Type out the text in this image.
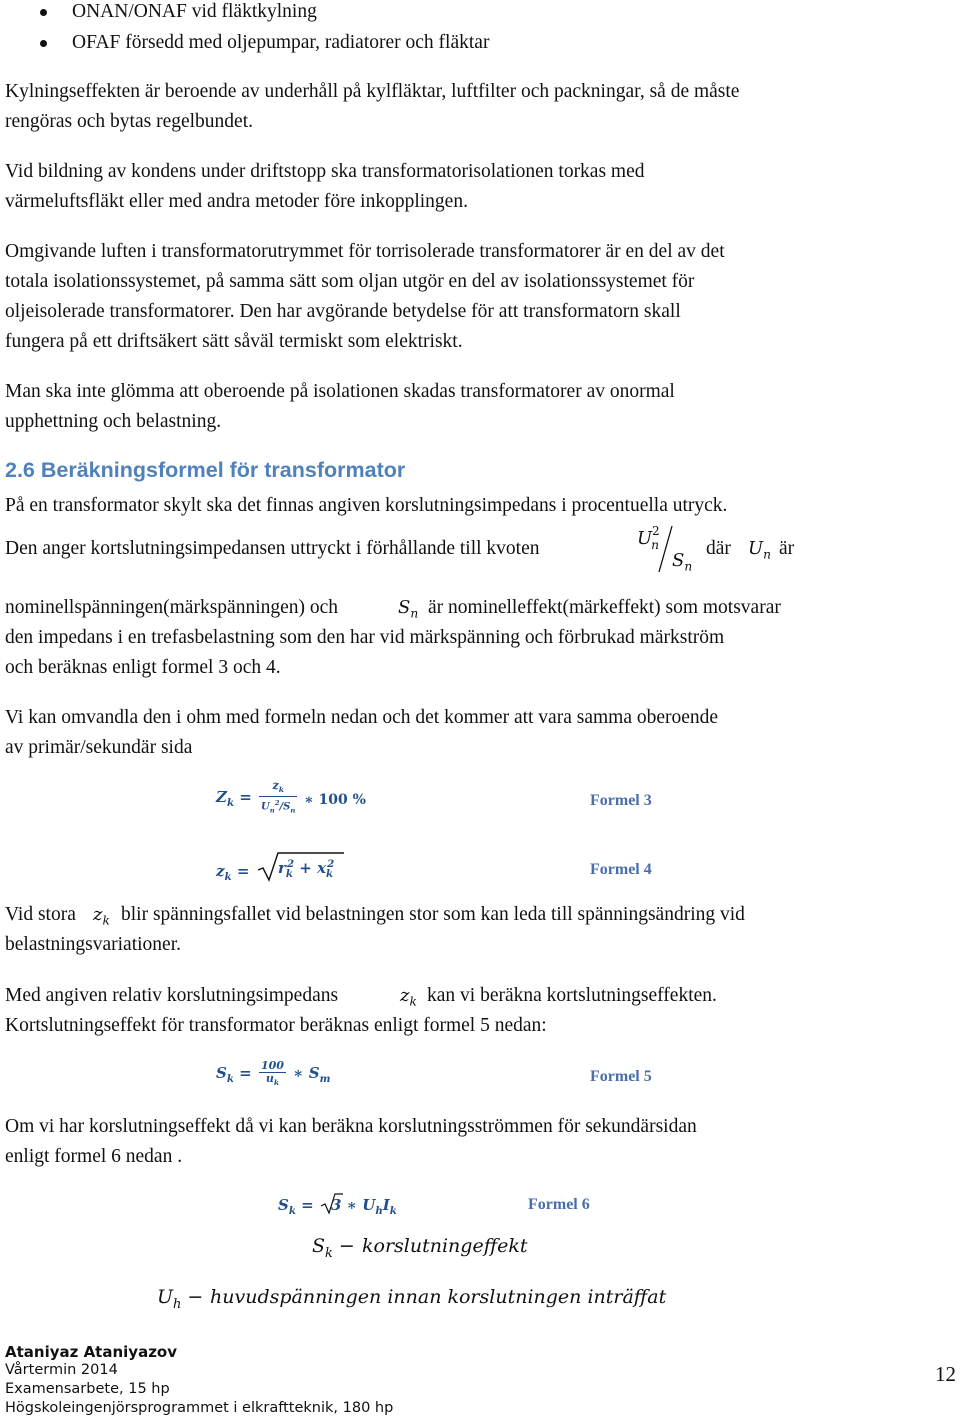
ONAN/ONAF vid fläktkylning
OFAF försedd med oljepumpar, radiatorer och fläktar
Kylningseffekten är beroende av underhåll på kylfläktar, luftfilter och packningar, så de måste
rengöras och bytas regelbundet.
Vid bildning av kondens under driftstopp ska transformatorisolationen torkas med
värmeluftsfläkt eller med andra metoder före inkopplingen.
Omgivande luften i transformatorutrymmet för torrisolerade transformatorer är en del av det
totala isolationssystemet, på samma sätt som oljan utgör en del av isolationssystemet för
oljeisolerade transformatorer. Den har avgörande betydelse för att transformatorn skall
fungera på ett driftsäkert sätt såväl termiskt som elektriskt.
Man ska inte glömma att oberoende på isolationen skadas transformatorer av onormal
upphettning och belastning.
2.6 Beräkningsformel för transformator
På en transformator skylt ska det finnas angiven korslutningsimpedans i procentuella utryck.
Den anger kortslutningsimpedansen uttryckt i förhållande till kvoten	$U_n$
2
$S_n$
där $U_n$ är
nominellspänningen(märkspänningen) och	$S_n$ är nominelleffekt(märkeffekt) som motsvarar
den impedans i en trefasbelastning som den har vid märkspänning och förbrukad märkström
och beräknas enligt formel 3 och 4.
Vi kan omvandla den i ohm med formeln nedan och det kommer att vara samma oberoende
av primär/sekundär sida
$Z_k = \frac{z_k}{U_n^2/S_n}$ ∗ 100 %	Formel 3
$z_k = r_k^2 + x_k^2$	Formel 4
Vid stora $z_k$ blir spänningsfallet vid belastningen stor som kan leda till spänningsändring vid
belastningsvariationer.
Med angiven relativ korslutningsimpedans	$z_k$ kan vi beräkna kortslutningseffekten.
Kortslutningseffekt för transformator beräknas enligt formel 5 nedan:
$S_k = \frac{100}{u_k}$ ∗ $S_m$	Formel 5
Om vi har korslutningseffekt då vi kan beräkna korslutningsströmmen för sekundärsidan
enligt formel 6 nedan .
$S_k = 3$ ∗ $U_hI_k$	Formel 6
$S_k$ − korslutningeffekt
$U_h$ − huvudspänningen innan korslutningen inträffat
Ataniyaz Ataniyazov
Vårtermin 2014
Examensarbete, 15 hp
Högskoleingenjörsprogrammet i elkraftteknik, 180 hp
12
